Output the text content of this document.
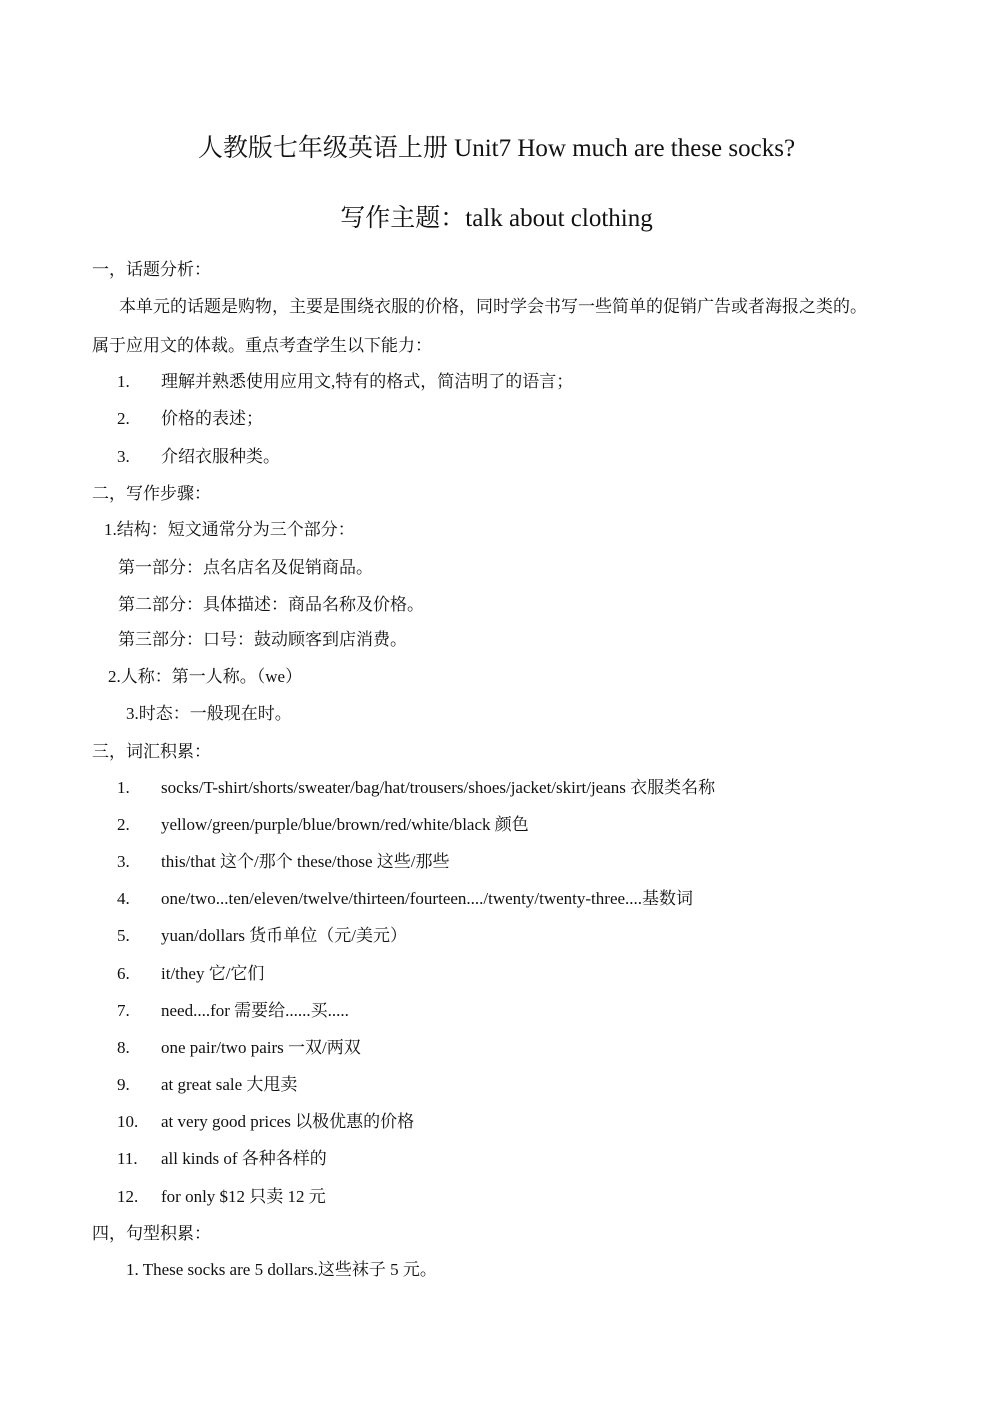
人教版七年级英语上册 Unit7 How much are these socks?
写作主题：talk about clothing
一，话题分析：
本单元的话题是购物，主要是围绕衣服的价格，同时学会书写一些简单的促销广告或者海报之类的。
属于应用文的体裁。重点考查学生以下能力：
1. 理解并熟悉使用应用文,特有的格式，简洁明了的语言；
2. 价格的表述；
3. 介绍衣服种类。
二，写作步骤：
1.结构：短文通常分为三个部分：
第一部分：点名店名及促销商品。
第二部分：具体描述：商品名称及价格。
第三部分：口号：鼓动顾客到店消费。
2.人称：第一人称。（we）
3.时态：一般现在时。
三，词汇积累：
1. socks/T-shirt/shorts/sweater/bag/hat/trousers/shoes/jacket/skirt/jeans 衣服类名称
2. yellow/green/purple/blue/brown/red/white/black 颜色
3. this/that 这个/那个 these/those 这些/那些
4. one/two...ten/eleven/twelve/thirteen/fourteen..../twenty/twenty-three....基数词
5. yuan/dollars 货币单位（元/美元）
6. it/they 它/它们
7. need....for 需要给......买.....
8. one pair/two pairs 一双/两双
9. at great sale 大甩卖
10. at very good prices 以极优惠的价格
11. all kinds of 各种各样的
12. for only $12 只卖 12 元
四，句型积累：
1. These socks are 5 dollars.这些袜子 5 元。
